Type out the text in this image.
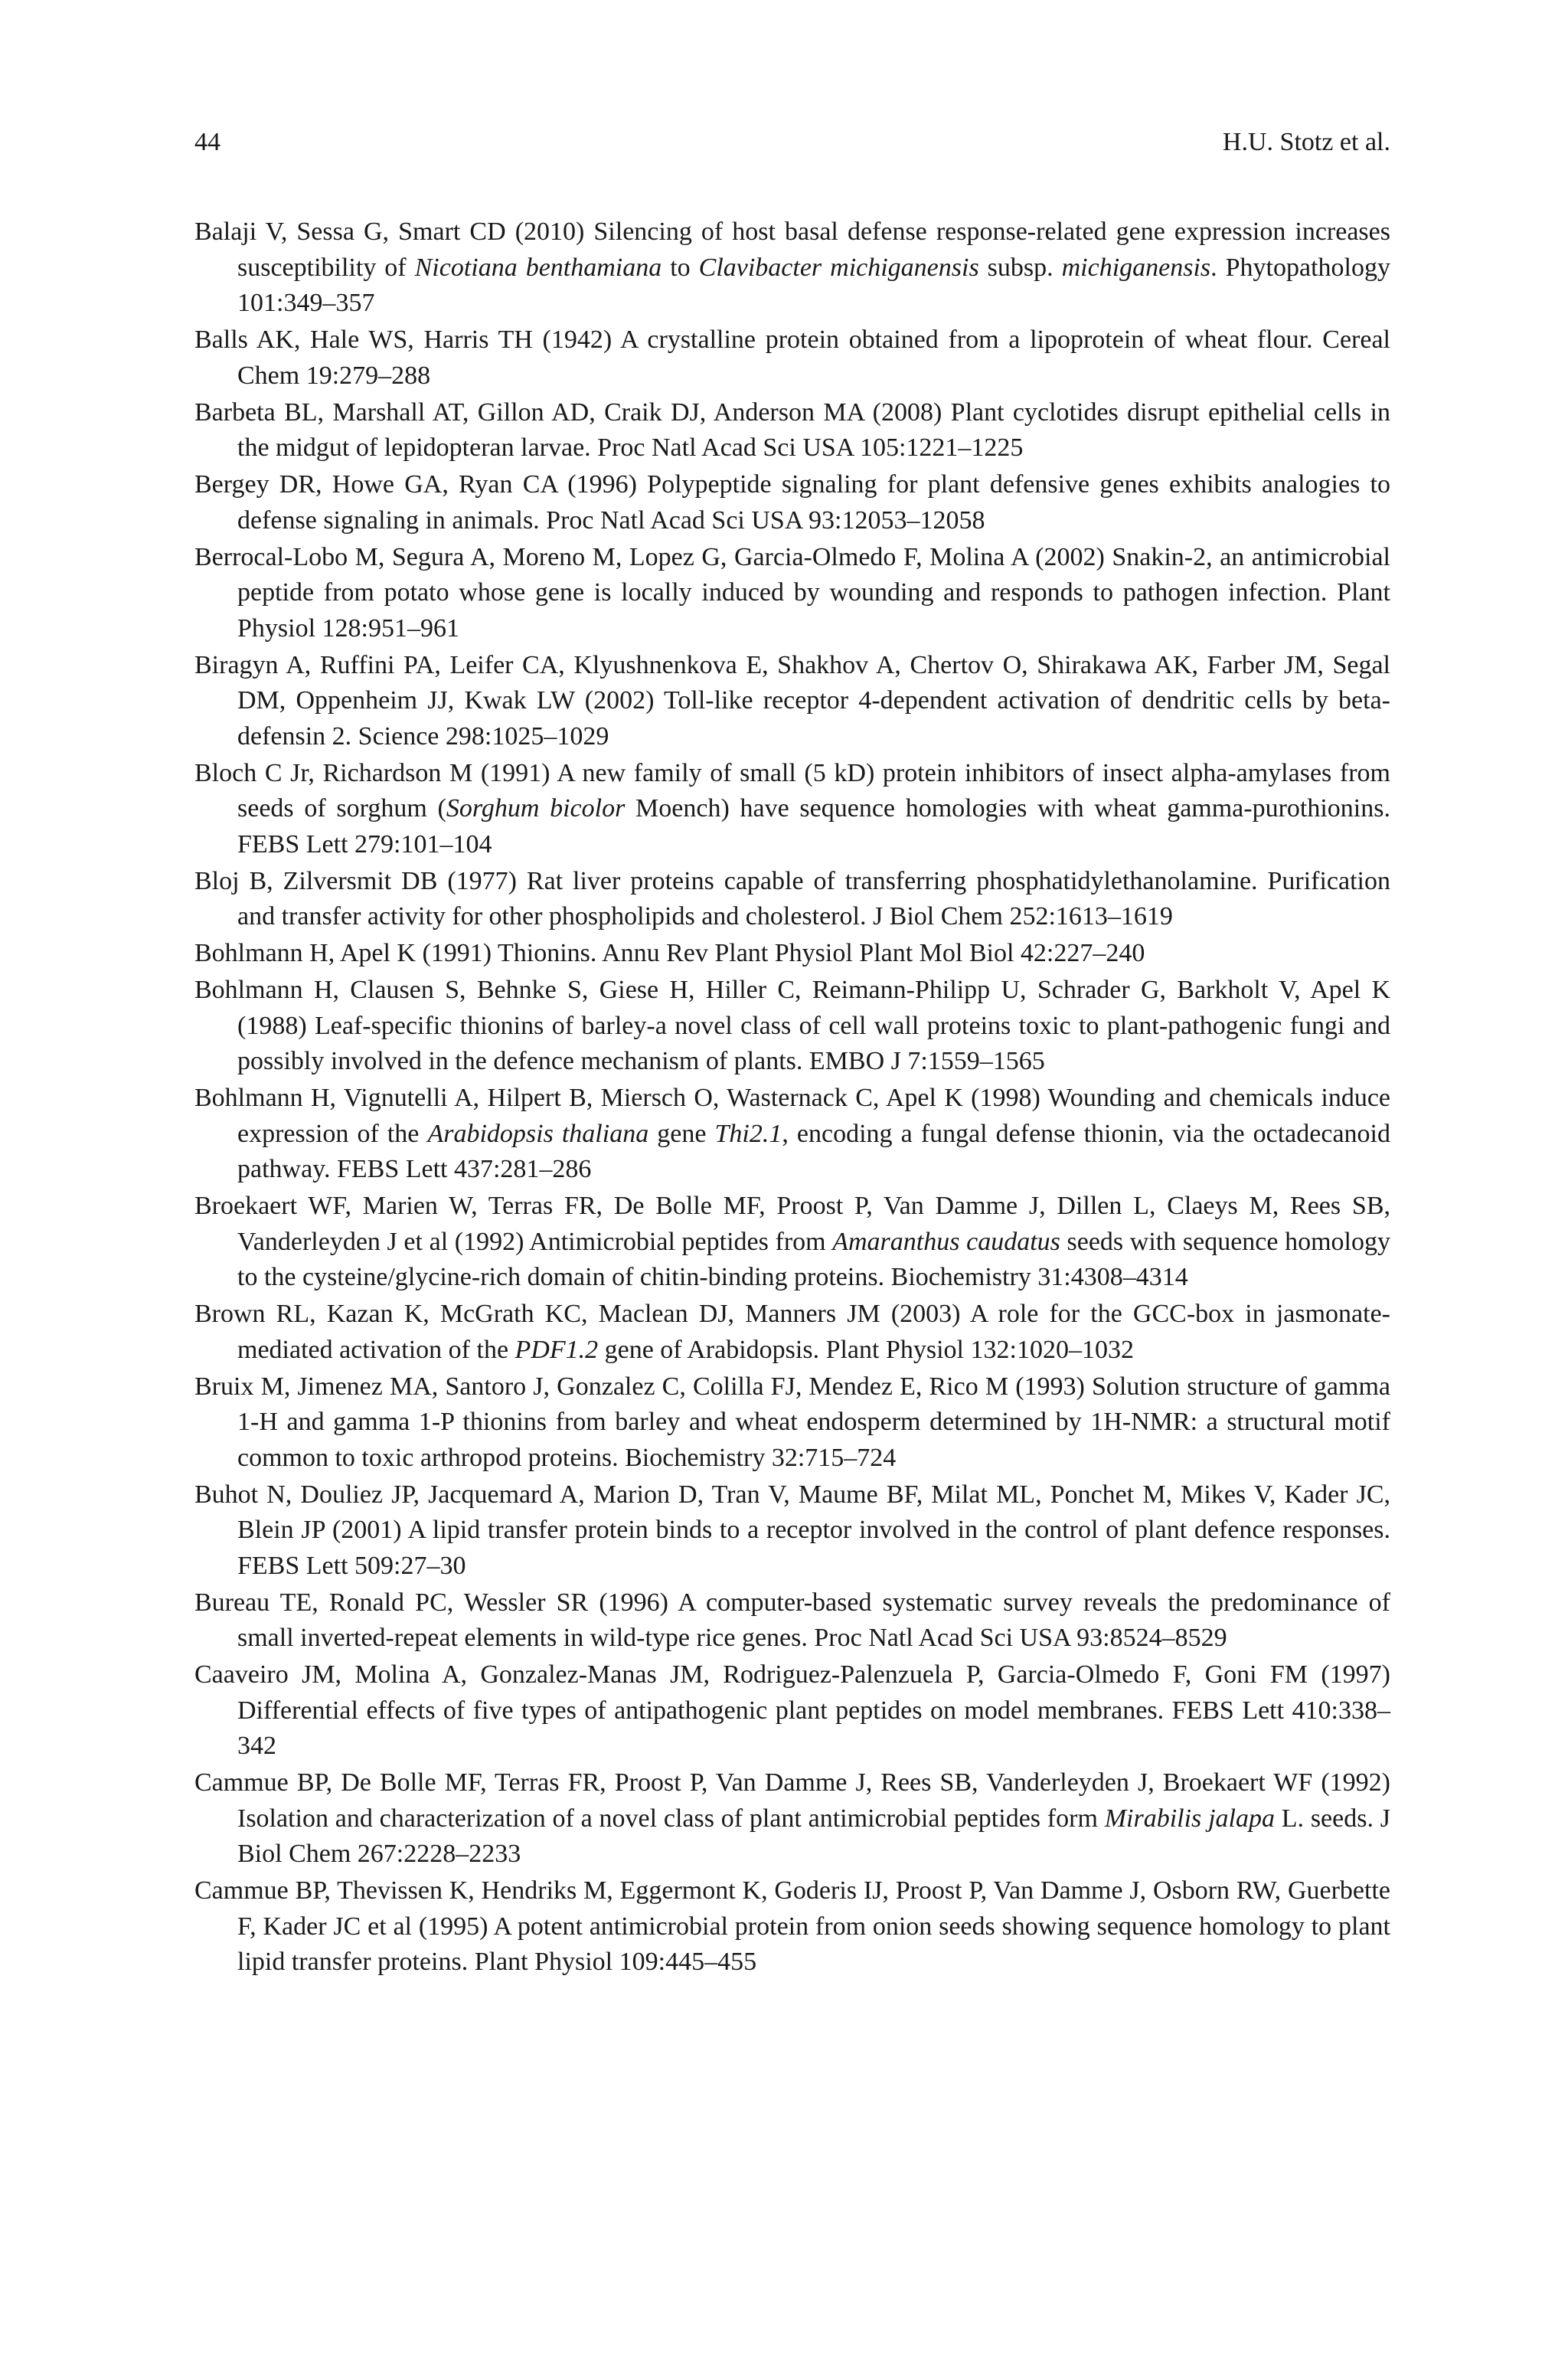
44	H.U. Stotz et al.
Balaji V, Sessa G, Smart CD (2010) Silencing of host basal defense response-related gene expression increases susceptibility of Nicotiana benthamiana to Clavibacter michiganensis subsp. michiganensis. Phytopathology 101:349–357
Balls AK, Hale WS, Harris TH (1942) A crystalline protein obtained from a lipoprotein of wheat flour. Cereal Chem 19:279–288
Barbeta BL, Marshall AT, Gillon AD, Craik DJ, Anderson MA (2008) Plant cyclotides disrupt epithelial cells in the midgut of lepidopteran larvae. Proc Natl Acad Sci USA 105:1221–1225
Bergey DR, Howe GA, Ryan CA (1996) Polypeptide signaling for plant defensive genes exhibits analogies to defense signaling in animals. Proc Natl Acad Sci USA 93:12053–12058
Berrocal-Lobo M, Segura A, Moreno M, Lopez G, Garcia-Olmedo F, Molina A (2002) Snakin-2, an antimicrobial peptide from potato whose gene is locally induced by wounding and responds to pathogen infection. Plant Physiol 128:951–961
Biragyn A, Ruffini PA, Leifer CA, Klyushnenkova E, Shakhov A, Chertov O, Shirakawa AK, Farber JM, Segal DM, Oppenheim JJ, Kwak LW (2002) Toll-like receptor 4-dependent activation of dendritic cells by beta-defensin 2. Science 298:1025–1029
Bloch C Jr, Richardson M (1991) A new family of small (5 kD) protein inhibitors of insect alpha-amylases from seeds of sorghum (Sorghum bicolor Moench) have sequence homologies with wheat gamma-purothionins. FEBS Lett 279:101–104
Bloj B, Zilversmit DB (1977) Rat liver proteins capable of transferring phosphatidylethanolamine. Purification and transfer activity for other phospholipids and cholesterol. J Biol Chem 252:1613–1619
Bohlmann H, Apel K (1991) Thionins. Annu Rev Plant Physiol Plant Mol Biol 42:227–240
Bohlmann H, Clausen S, Behnke S, Giese H, Hiller C, Reimann-Philipp U, Schrader G, Barkholt V, Apel K (1988) Leaf-specific thionins of barley-a novel class of cell wall proteins toxic to plant-pathogenic fungi and possibly involved in the defence mechanism of plants. EMBO J 7:1559–1565
Bohlmann H, Vignutelli A, Hilpert B, Miersch O, Wasternack C, Apel K (1998) Wounding and chemicals induce expression of the Arabidopsis thaliana gene Thi2.1, encoding a fungal defense thionin, via the octadecanoid pathway. FEBS Lett 437:281–286
Broekaert WF, Marien W, Terras FR, De Bolle MF, Proost P, Van Damme J, Dillen L, Claeys M, Rees SB, Vanderleyden J et al (1992) Antimicrobial peptides from Amaranthus caudatus seeds with sequence homology to the cysteine/glycine-rich domain of chitin-binding proteins. Biochemistry 31:4308–4314
Brown RL, Kazan K, McGrath KC, Maclean DJ, Manners JM (2003) A role for the GCC-box in jasmonate-mediated activation of the PDF1.2 gene of Arabidopsis. Plant Physiol 132:1020–1032
Bruix M, Jimenez MA, Santoro J, Gonzalez C, Colilla FJ, Mendez E, Rico M (1993) Solution structure of gamma 1-H and gamma 1-P thionins from barley and wheat endosperm determined by 1H-NMR: a structural motif common to toxic arthropod proteins. Biochemistry 32:715–724
Buhot N, Douliez JP, Jacquemard A, Marion D, Tran V, Maume BF, Milat ML, Ponchet M, Mikes V, Kader JC, Blein JP (2001) A lipid transfer protein binds to a receptor involved in the control of plant defence responses. FEBS Lett 509:27–30
Bureau TE, Ronald PC, Wessler SR (1996) A computer-based systematic survey reveals the predominance of small inverted-repeat elements in wild-type rice genes. Proc Natl Acad Sci USA 93:8524–8529
Caaveiro JM, Molina A, Gonzalez-Manas JM, Rodriguez-Palenzuela P, Garcia-Olmedo F, Goni FM (1997) Differential effects of five types of antipathogenic plant peptides on model membranes. FEBS Lett 410:338–342
Cammue BP, De Bolle MF, Terras FR, Proost P, Van Damme J, Rees SB, Vanderleyden J, Broekaert WF (1992) Isolation and characterization of a novel class of plant antimicrobial peptides form Mirabilis jalapa L. seeds. J Biol Chem 267:2228–2233
Cammue BP, Thevissen K, Hendriks M, Eggermont K, Goderis IJ, Proost P, Van Damme J, Osborn RW, Guerbette F, Kader JC et al (1995) A potent antimicrobial protein from onion seeds showing sequence homology to plant lipid transfer proteins. Plant Physiol 109:445–455
